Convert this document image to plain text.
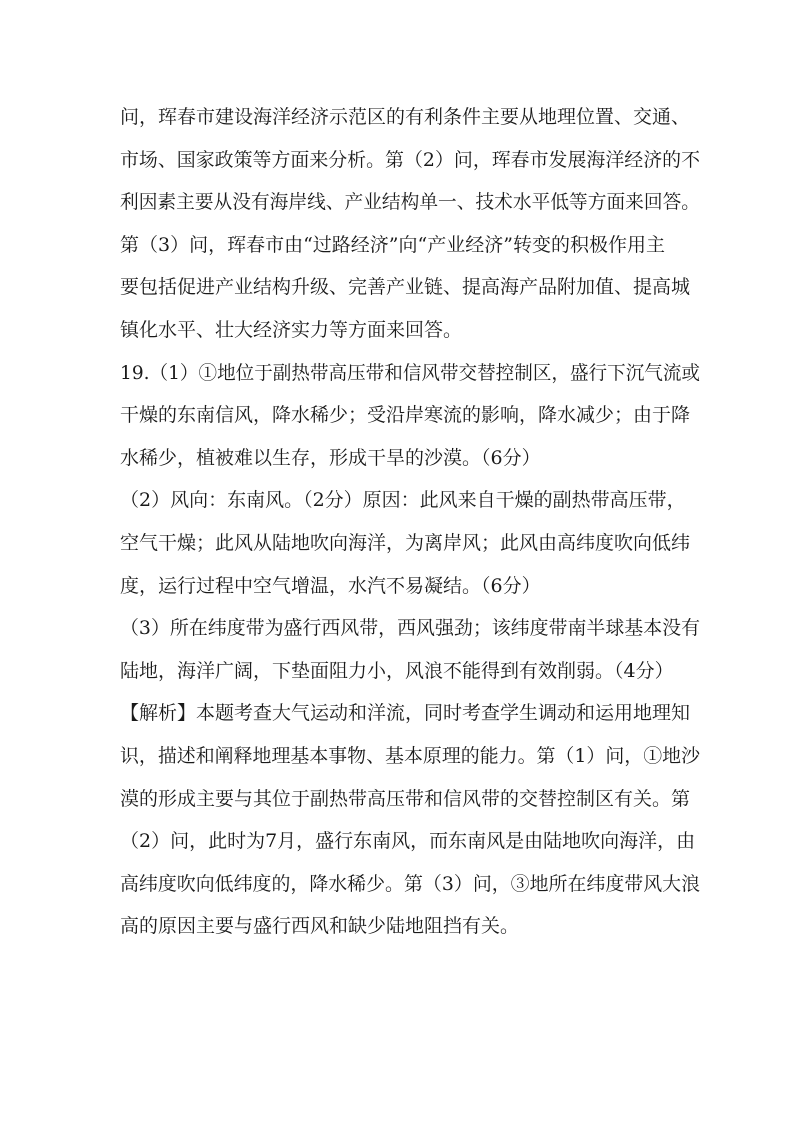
问，珲春市建设海洋经济示范区的有利条件主要从地理位置、交通、
市场、国家政策等方面来分析。第（2）问，珲春市发展海洋经济的不
利因素主要从没有海岸线、产业结构单一、技术水平低等方面来回答。
第（3）问，珲春市由“过路经济”向“产业经济”转变的积极作用主
要包括促进产业结构升级、完善产业链、提高海产品附加值、提高城
镇化水平、壮大经济实力等方面来回答。
19.（1）①地位于副热带高压带和信风带交替控制区，盛行下沉气流或
干燥的东南信风，降水稀少；受沿岸寒流的影响，降水减少；由于降
水稀少，植被难以生存，形成干旱的沙漠。（6分）
（2）风向：东南风。（2分）原因：此风来自干燥的副热带高压带，
空气干燥；此风从陆地吹向海洋，为离岸风；此风由高纬度吹向低纬
度，运行过程中空气增温，水汽不易凝结。（6分）
（3）所在纬度带为盛行西风带，西风强劲；该纬度带南半球基本没有
陆地，海洋广阔，下垫面阻力小，风浪不能得到有效削弱。（4分）
【解析】本题考查大气运动和洋流，同时考查学生调动和运用地理知
识，描述和阐释地理基本事物、基本原理的能力。第（1）问，①地沙
漠的形成主要与其位于副热带高压带和信风带的交替控制区有关。第
（2）问，此时为7月，盛行东南风，而东南风是由陆地吹向海洋，由
高纬度吹向低纬度的，降水稀少。第（3）问，③地所在纬度带风大浪
高的原因主要与盛行西风和缺少陆地阻挡有关。
